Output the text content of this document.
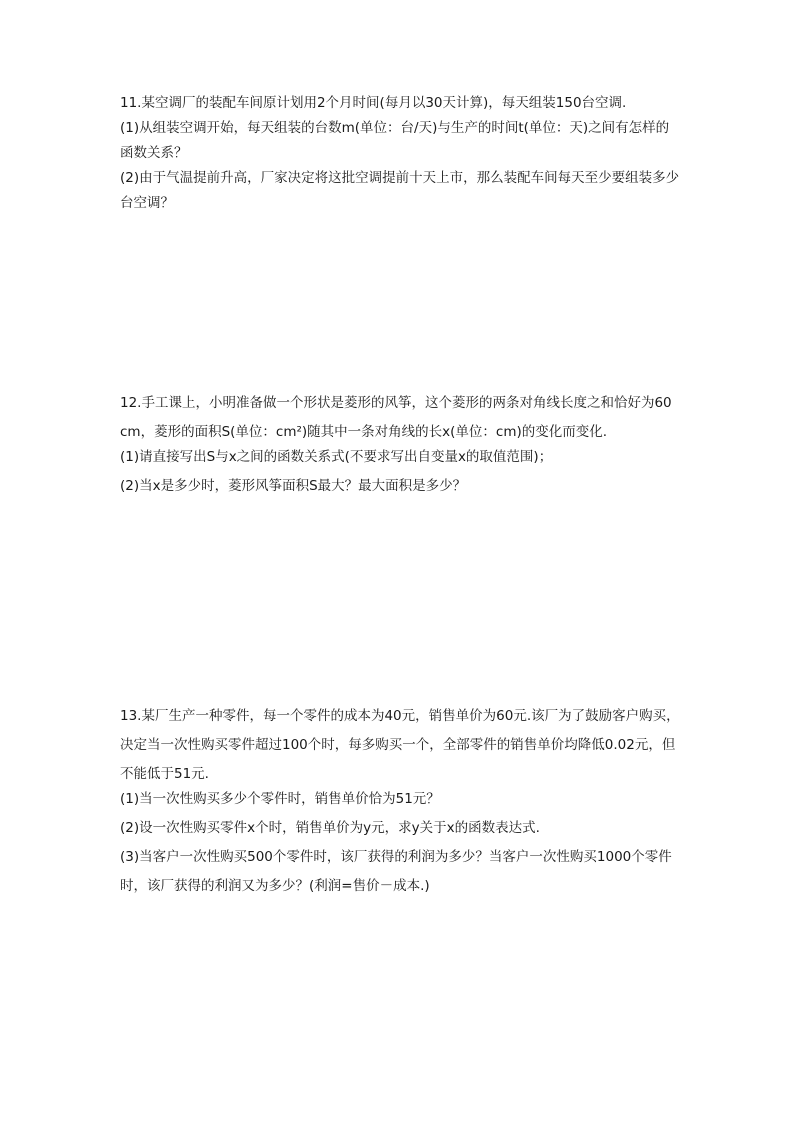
11.某空调厂的装配车间原计划用2个月时间(每月以30天计算)，每天组装150台空调.
(1)从组装空调开始，每天组装的台数m(单位：台/天)与生产的时间t(单位：天)之间有怎样的
函数关系？
(2)由于气温提前升高，厂家决定将这批空调提前十天上市，那么装配车间每天至少要组装多少
台空调？
12.手工课上，小明准备做一个形状是菱形的风筝，这个菱形的两条对角线长度之和恰好为60
cm，菱形的面积S(单位：cm²)随其中一条对角线的长x(单位：cm)的变化而变化.
(1)请直接写出S与x之间的函数关系式(不要求写出自变量x的取值范围)；
(2)当x是多少时，菱形风筝面积S最大？最大面积是多少？
13.某厂生产一种零件，每一个零件的成本为40元，销售单价为60元.该厂为了鼓励客户购买，
决定当一次性购买零件超过100个时，每多购买一个，全部零件的销售单价均降低0.02元，但
不能低于51元.
(1)当一次性购买多少个零件时，销售单价恰为51元？
(2)设一次性购买零件x个时，销售单价为y元，求y关于x的函数表达式.
(3)当客户一次性购买500个零件时，该厂获得的利润为多少？当客户一次性购买1000个零件
时，该厂获得的利润又为多少？(利润=售价－成本.)
